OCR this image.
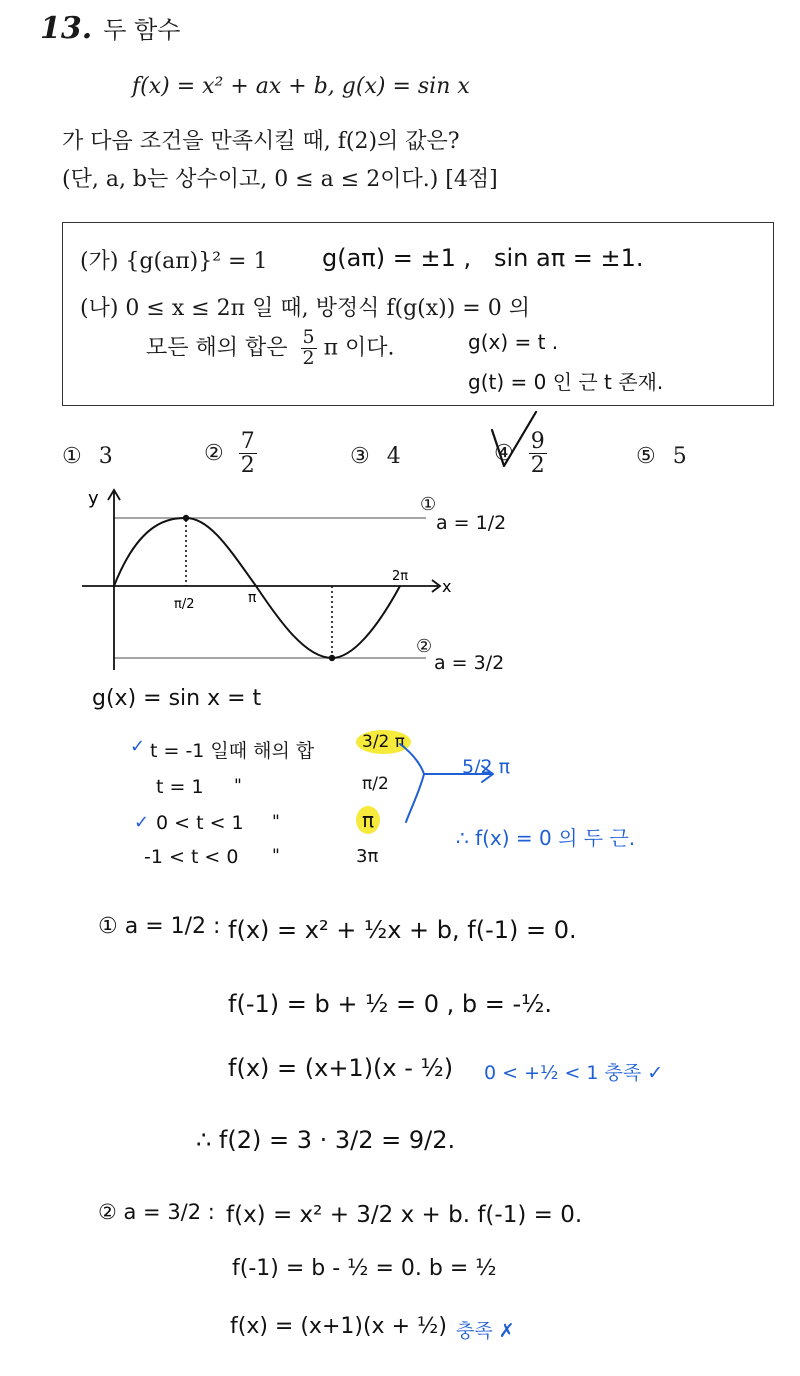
13. 두 함수
f(x) = x² + ax + b, g(x) = sin x
가 다음 조건을 만족시킬 때, f(2)의 값은?
(단, a, b는 상수이고, 0 ≤ a ≤ 2이다.) [4점]
(가) {g(aπ)}² = 1
(나) 0 ≤ x ≤ 2π 일 때, 방정식 f(g(x)) = 0 의
모든 해의 합은 $\frac{5}{2}$ π 이다.
g(aπ) = ±1 , sin aπ = ±1.
g(x) = t .
g(t) = 0 인 근 t 존재.
① 3	② $\frac{7}{2}$	③ 4	④ $\frac{9}{2}$	⑤ 5
y
x
π/2	π
2π
①
a = 1/2
②
a = 3/2
g(x) = sin x = t
✓ t = -1 일때 해의 합	3/2 π
t = 1 "	π/2
✓ 0 < t < 1 "	π
-1 < t < 0 "	3π
5/2 π
∴ f(x) = 0 의 두 근.
① a = 1/2 : f(x) = x² + ½x + b, f(-1) = 0.
f(-1) = b + ½ = 0 , b = -½.
f(x) = (x+1)(x - ½) 0 < +½ < 1 충족 ✓
∴ f(2) = 3 · 3/2 = 9/2.
② a = 3/2 : f(x) = x² + 3/2 x + b. f(-1) = 0.
f(-1) = b - ½ = 0. b = ½
f(x) = (x+1)(x + ½) 충족 ✗
